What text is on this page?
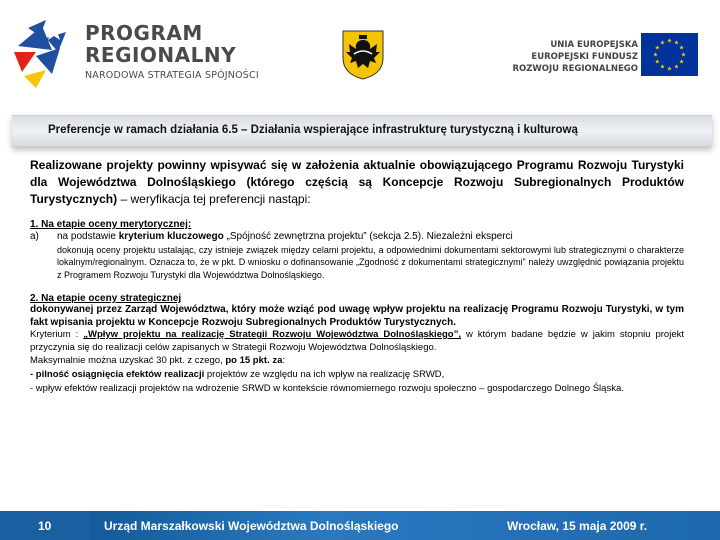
PROGRAM
REGIONALNY
NARODOWA STRATEGIA SPÓJNOŚCI
UNIA EUROPEJSKA
EUROPEJSKI FUNDUSZ
ROZWOJU REGIONALNEGO
★
★
★
★
★
★
★
★
★ ★ ★
★
Preferencje w ramach działania 6.5 – Działania wspierające infrastrukturę turystyczną i kulturową
Realizowane projekty powinny wpisywać się w założenia aktualnie obowiązującego Programu Rozwoju Turystyki dla Województwa Dolnośląskiego (którego częścią są Koncepcje Rozwoju Subregionalnych Produktów Turystycznych) – weryfikacja tej preferencji nastąpi:
1. Na etapie oceny merytorycznej:
a)	na podstawie kryterium kluczowego „Spójność zewnętrzna projektu” (sekcja 2.5). Niezależni eksperci
dokonują oceny projektu ustalając, czy istnieje związek między celami projektu, a odpowiednimi dokumentami sektorowymi lub strategicznymi o charakterze lokalnym/regionalnym. Oznacza to, że w pkt. D wniosku o dofinansowanie „Zgodność z dokumentami strategicznymi” należy uwzględnić powiązania projektu z Programem Rozwoju Turystyki dla Województwa Dolnośląskiego.
2. Na etapie oceny strategicznej
dokonywanej przez Zarząd Województwa, który może wziąć pod uwagę wpływ projektu na realizację Programu Rozwoju Turystyki, w tym fakt wpisania projektu w Koncepcje Rozwoju Subregionalnych Produktów Turystycznych.
Kryterium : „Wpływ projektu na realizację Strategii Rozwoju Województwa Dolnośląskiego”, w którym badane będzie w jakim stopniu projekt przyczynia się do realizacji celów zapisanych w Strategii Rozwoju Województwa Dolnośląskiego.
Maksymalnie można uzyskać 30 pkt. z czego, po 15 pkt. za:
- pilność osiągnięcia efektów realizacji projektów ze względu na ich wpływ na realizację SRWD,
- wpływ efektów realizacji projektów na wdrożenie SRWD w kontekście równomiernego rozwoju społeczno – gospodarczego Dolnego Śląska.
10	Urząd Marszałkowski Województwa Dolnośląskiego	Wrocław, 15 maja 2009 r.
